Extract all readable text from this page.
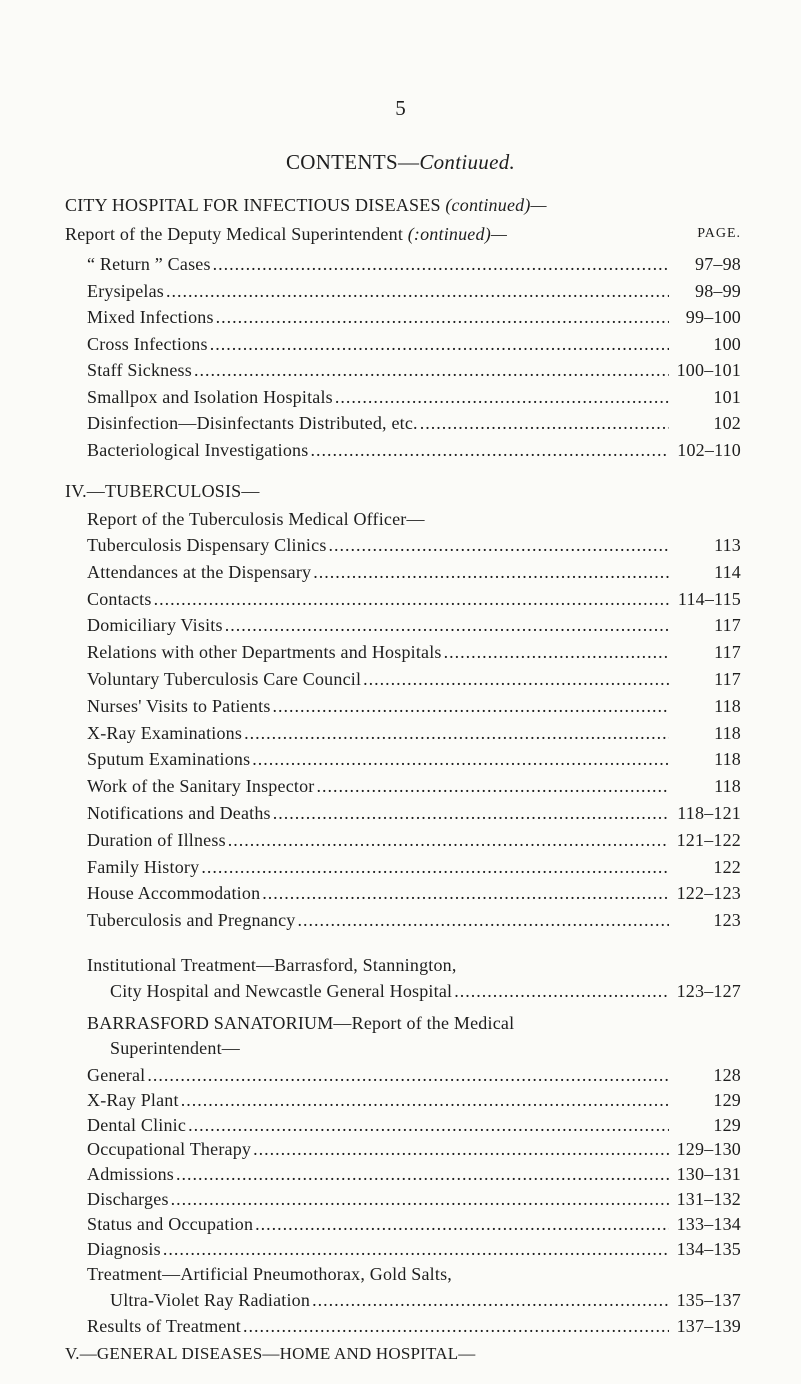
5
CONTENTS—Contiuued.
CITY HOSPITAL FOR INFECTIOUS DISEASES (continued)—
Report of the Deputy Medical Superintendent (:ontinued)—	PAGE.
“ Return ” Cases .....	97–98
Erysipelas .....	98–99
Mixed Infections .....	99–100
Cross Infections .....	100
Staff Sickness .....	100–101
Smallpox and Isolation Hospitals .....	101
Disinfection—Disinfectants Distributed, etc. .....	102
Bacteriological Investigations .....	102–110
IV.—TUBERCULOSIS—
Report of the Tuberculosis Medical Officer—
Tuberculosis Dispensary Clinics .....	113
Attendances at the Dispensary .....	114
Contacts .....	114–115
Domiciliary Visits .....	117
Relations with other Departments and Hospitals .....	117
Voluntary Tuberculosis Care Council .....	117
Nurses' Visits to Patients .....	118
X-Ray Examinations .....	118
Sputum Examinations .....	118
Work of the Sanitary Inspector .....	118
Notifications and Deaths .....	118–121
Duration of Illness .....	121–122
Family History .....	122
House Accommodation .....	122–123
Tuberculosis and Pregnancy .....	123
Institutional Treatment—Barrasford, Stannington,
City Hospital and Newcastle General Hospital .....	123–127
BARRASFORD SANATORIUM—Report of the Medical
Superintendent—
General .....	128
X-Ray Plant .....	129
Dental Clinic .....	129
Occupational Therapy .....	129–130
Admissions .....	130–131
Discharges .....	131–132
Status and Occupation .....	133–134
Diagnosis .....	134–135
Treatment—Artificial Pneumothorax, Gold Salts,
Ultra-Violet Ray Radiation .....	135–137
Results of Treatment .....	137–139
V.—GENERAL DISEASES—HOME AND HOSPITAL—
